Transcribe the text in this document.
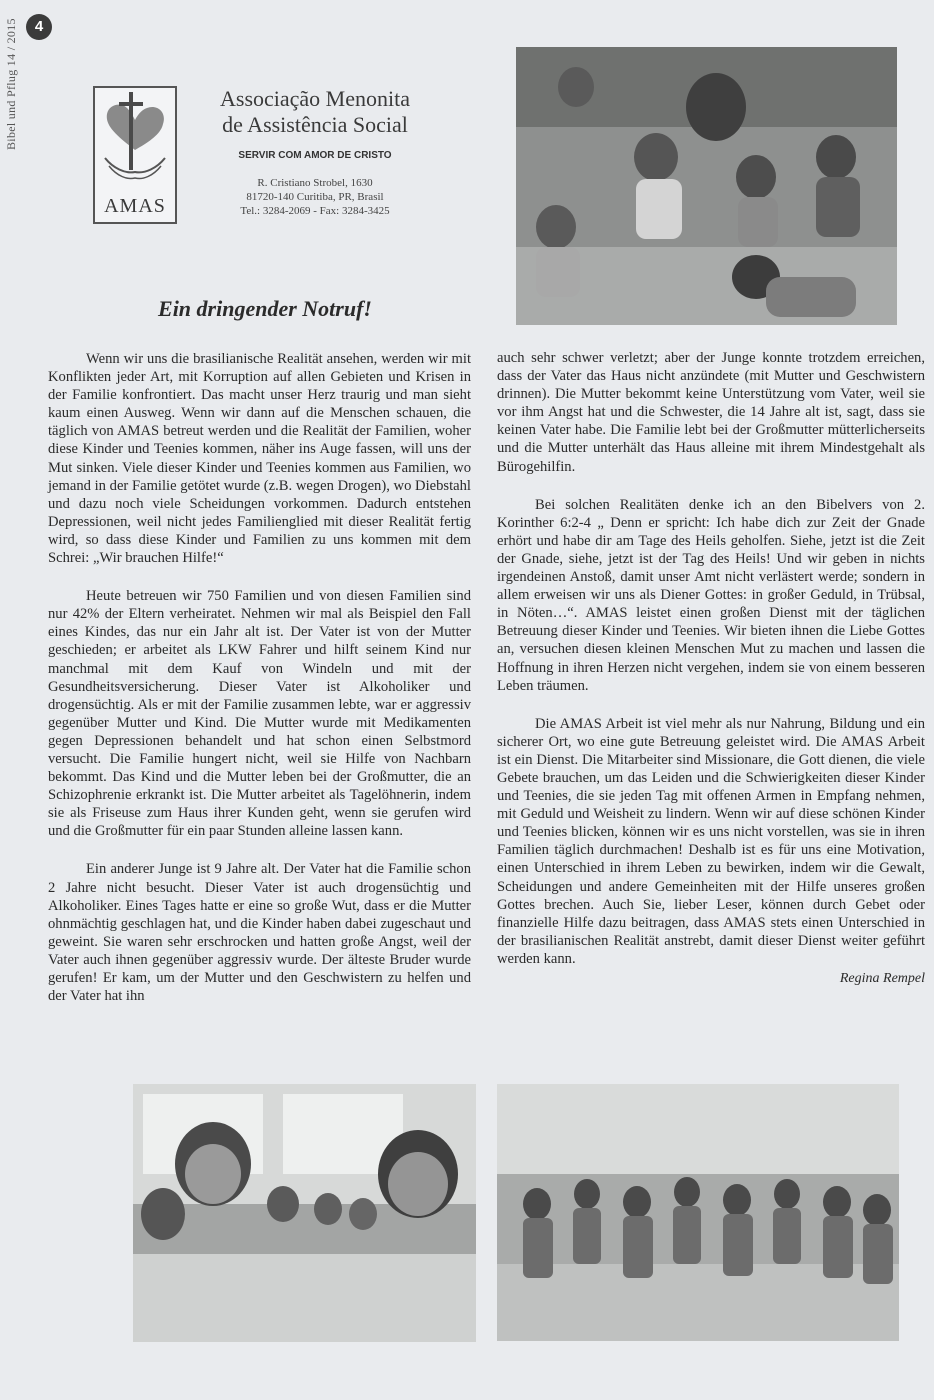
Bibel und Pflug 14 / 2015	4
AMAS
Associação Menonita
de Assistência Social
SERVIR COM AMOR DE CRISTO
R. Cristiano Strobel, 1630
81720-140 Curitiba, PR, Brasil
Tel.: 3284-2069 - Fax: 3284-3425
Ein dringender Notruf!

Wenn wir uns die brasilianische Realität ansehen, werden wir mit Konflikten jeder Art, mit Korruption auf allen Gebieten und Krisen in der Familie konfrontiert. Das macht unser Herz traurig und man sieht kaum einen Ausweg. Wenn wir dann auf die Menschen schauen, die täglich von AMAS betreut werden und die Realität der Familien, woher diese Kinder und Teenies kommen, näher ins Auge fassen, will uns der Mut sinken. Viele dieser Kinder und Teenies kommen aus Familien, wo jemand in der Familie getötet wurde (z.B. wegen Drogen), wo Diebstahl und dazu noch viele Scheidungen vorkommen. Dadurch entstehen Depressionen, weil nicht jedes Familienglied mit dieser Realität fertig wird, so dass diese Kinder und Familien zu uns kommen mit dem Schrei: „Wir brauchen Hilfe!“

Heute betreuen wir 750 Familien und von diesen Familien sind nur 42% der Eltern verheiratet. Nehmen wir mal als Beispiel den Fall eines Kindes, das nur ein Jahr alt ist. Der Vater ist von der Mutter geschieden; er arbeitet als LKW Fahrer und hilft seinem Kind nur manchmal mit dem Kauf von Windeln und mit der Gesundheitsversicherung. Dieser Vater ist Alkoholiker und drogensüchtig. Als er mit der Familie zusammen lebte, war er aggressiv gegenüber Mutter und Kind. Die Mutter wurde mit Medikamenten gegen Depressionen behandelt und hat schon einen Selbstmord versucht. Die Familie hungert nicht, weil sie Hilfe von Nachbarn bekommt. Das Kind und die Mutter leben bei der Großmutter, die an Schizophrenie erkrankt ist. Die Mutter arbeitet als Tagelöhnerin, indem sie als Friseuse zum Haus ihrer Kunden geht, wenn sie gerufen wird und die Großmutter für ein paar Stunden alleine lassen kann.

Ein anderer Junge ist 9 Jahre alt. Der Vater hat die Familie schon 2 Jahre nicht besucht. Dieser Vater ist auch drogensüchtig und Alkoholiker. Eines Tages hatte er eine so große Wut, dass er die Mutter ohnmächtig geschlagen hat, und die Kinder haben dabei zugeschaut und geweint. Sie waren sehr erschrocken und hatten große Angst, weil der Vater auch ihnen gegenüber aggressiv wurde. Der älteste Bruder wurde gerufen! Er kam, um der Mutter und den Geschwistern zu helfen und der Vater hat ihn

auch sehr schwer verletzt; aber der Junge konnte trotzdem erreichen, dass der Vater das Haus nicht anzündete (mit Mutter und Geschwistern drinnen). Die Mutter bekommt keine Unterstützung vom Vater, weil sie vor ihm Angst hat und die Schwester, die 14 Jahre alt ist, sagt, dass sie keinen Vater habe. Die Familie lebt bei der Großmutter mütterlicherseits und die Mutter unterhält das Haus alleine mit ihrem Mindestgehalt als Bürogehilfin.

Bei solchen Realitäten denke ich an den Bibelvers von 2. Korinther 6:2-4 „ Denn er spricht: Ich habe dich zur Zeit der Gnade erhört und habe dir am Tage des Heils geholfen. Siehe, jetzt ist die Zeit der Gnade, siehe, jetzt ist der Tag des Heils! Und wir geben in nichts irgendeinen Anstoß, damit unser Amt nicht verlästert werde; sondern in allem erweisen wir uns als Diener Gottes: in großer Geduld, in Trübsal, in Nöten…“. AMAS leistet einen großen Dienst mit der täglichen Betreuung dieser Kinder und Teenies. Wir bieten ihnen die Liebe Gottes an, versuchen diesen kleinen Menschen Mut zu machen und lassen die Hoffnung in ihren Herzen nicht vergehen, indem sie von einem besseren Leben träumen.

Die AMAS Arbeit ist viel mehr als nur Nahrung, Bildung und ein sicherer Ort, wo eine gute Betreuung geleistet wird. Die AMAS Arbeit ist ein Dienst. Die Mitarbeiter sind Missionare, die Gott dienen, die viele Gebete brauchen, um das Leiden und die Schwierigkeiten dieser Kinder und Teenies, die sie jeden Tag mit offenen Armen in Empfang nehmen, mit Geduld und Weisheit zu lindern. Wenn wir auf diese schönen Kinder und Teenies blicken, können wir es uns nicht vorstellen, was sie in ihren Familien täglich durchmachen! Deshalb ist es für uns eine Motivation, einen Unterschied in ihrem Leben zu bewirken, indem wir die Gewalt, Scheidungen und andere Gemeinheiten mit der Hilfe unseres großen Gottes brechen. Auch Sie, lieber Leser, können durch Gebet oder finanzielle Hilfe dazu beitragen, dass AMAS stets einen Unterschied in der brasilianischen Realität anstrebt, damit dieser Dienst weiter geführt werden kann.

Regina Rempel
